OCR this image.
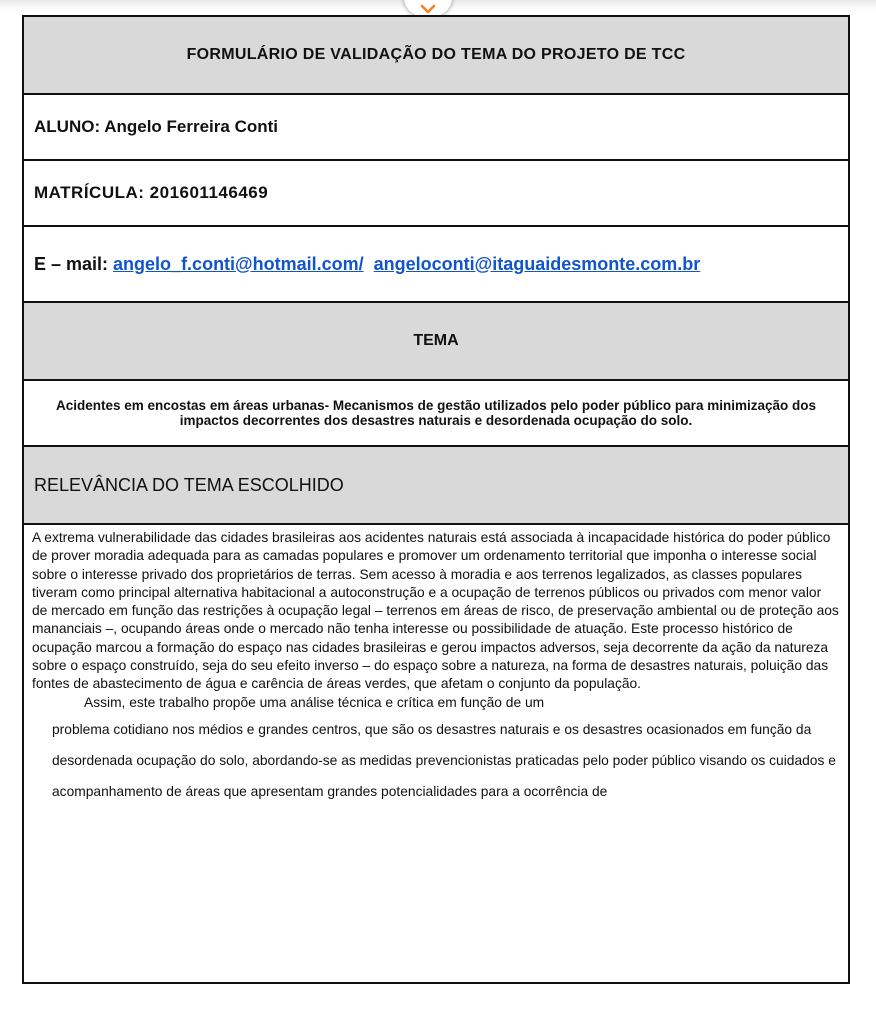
FORMULÁRIO DE VALIDAÇÃO DO TEMA DO PROJETO DE TCC
ALUNO: Angelo Ferreira Conti
MATRÍCULA: 201601146469
E – mail:
angelo_f.conti@hotmail.com/
angeloconti@itaguaidesmonte.com.br
TEMA
Acidentes em encostas em áreas urbanas- Mecanismos de gestão utilizados pelo poder público para minimização dos impactos decorrentes dos desastres naturais e desordenada ocupação do solo.
RELEVÂNCIA DO TEMA ESCOLHIDO

A extrema vulnerabilidade das cidades brasileiras aos acidentes naturais está associada à incapacidade histórica do poder público de prover moradia adequada para as camadas populares e promover um ordenamento territorial que imponha o interesse social sobre o interesse privado dos proprietários de terras. Sem acesso à moradia e aos terrenos legalizados, as classes populares tiveram como principal alternativa habitacional a autoconstrução e a ocupação de terrenos públicos ou privados com menor valor de mercado em função das restrições à ocupação legal – terrenos em áreas de risco, de preservação ambiental ou de proteção aos mananciais –, ocupando áreas onde o mercado não tenha interesse ou possibilidade de atuação. Este processo histórico de ocupação marcou a formação do espaço nas cidades brasileiras e gerou impactos adversos, seja decorrente da ação da natureza sobre o espaço construído, seja do seu efeito inverso – do espaço sobre a natureza, na forma de desastres naturais, poluição das fontes de abastecimento de água e carência de áreas verdes, que afetam o conjunto da população.

Assim, este trabalho propõe uma análise técnica e crítica em função de um

problema cotidiano nos médios e grandes centros, que são os desastres naturais e os desastres ocasionados em função da desordenada ocupação do solo, abordando-se as medidas prevencionistas praticadas pelo poder público visando os cuidados e acompanhamento de áreas que apresentam grandes potencialidades para a ocorrência de
